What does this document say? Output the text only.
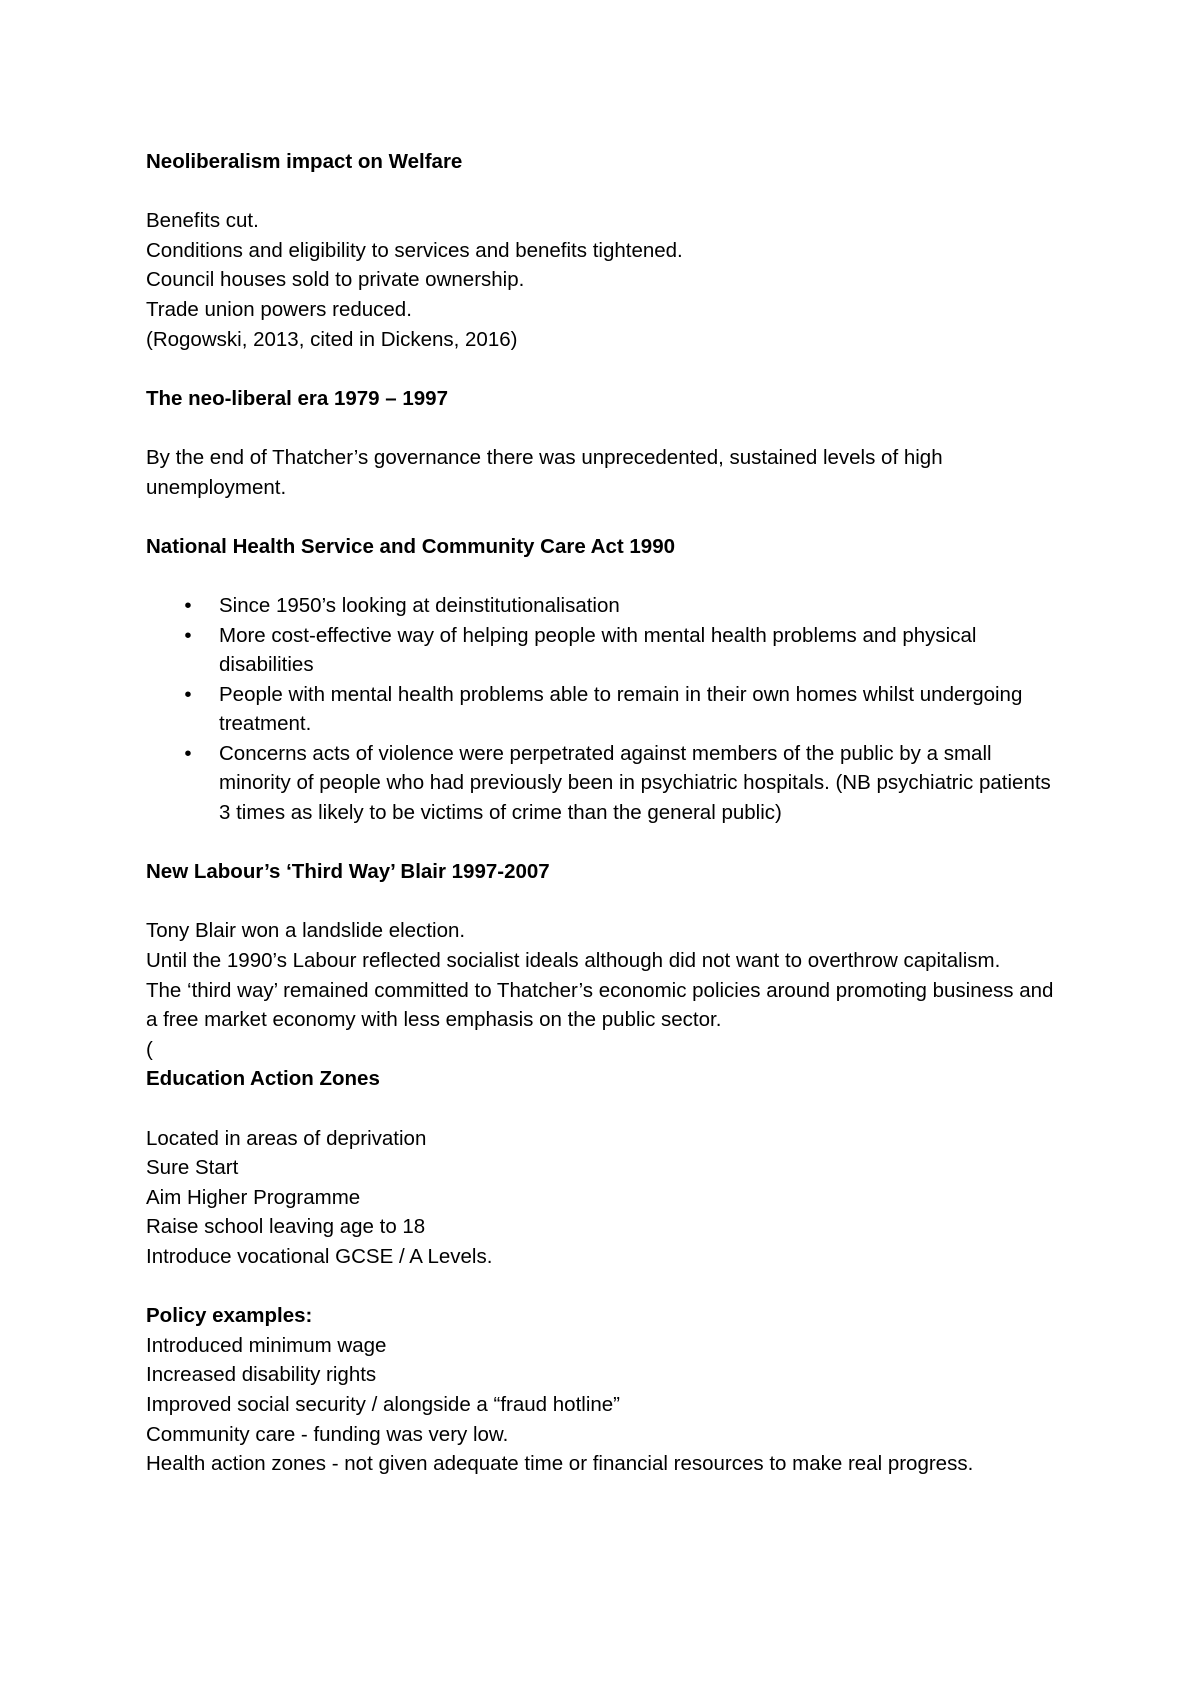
Neoliberalism impact on Welfare
Benefits cut.
Conditions and eligibility to services and benefits tightened.
Council houses sold to private ownership.
Trade union powers reduced.
(Rogowski, 2013, cited in Dickens, 2016)
The neo-liberal era 1979 – 1997
By the end of Thatcher’s governance there was unprecedented, sustained levels of high unemployment.
National Health Service and Community Care Act 1990
• Since 1950’s looking at deinstitutionalisation
• More cost-effective way of helping people with mental health problems and physical disabilities
• People with mental health problems able to remain in their own homes whilst undergoing treatment.
• Concerns acts of violence were perpetrated against members of the public by a small minority of people who had previously been in psychiatric hospitals. (NB psychiatric patients 3 times as likely to be victims of crime than the general public)
New Labour’s ‘Third Way’ Blair 1997-2007
Tony Blair won a landslide election.
Until the 1990’s Labour reflected socialist ideals although did not want to overthrow capitalism.
The ‘third way’ remained committed to Thatcher’s economic policies around promoting business and a free market economy with less emphasis on the public sector.
(
Education Action Zones
Located in areas of deprivation
Sure Start
Aim Higher Programme
Raise school leaving age to 18
Introduce vocational GCSE / A Levels.
Policy examples:
Introduced minimum wage
Increased disability rights
Improved social security / alongside a “fraud hotline”
Community care - funding was very low.
Health action zones - not given adequate time or financial resources to make real progress.
